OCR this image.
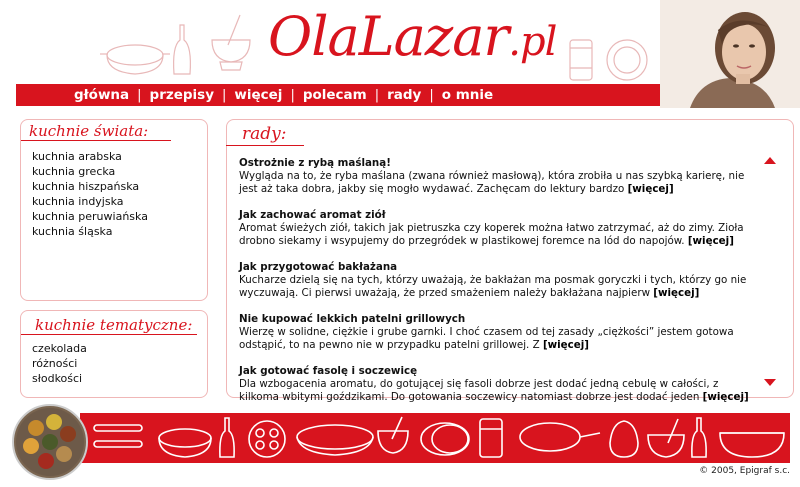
OlaLazar.pl
główna | przepisy | więcej | polecam | rady | o mnie
kuchnie świata:
kuchnia arabska
kuchnia grecka
kuchnia hiszpańska
kuchnia indyjska
kuchnia peruwiańska
kuchnia śląska
kuchnie tematyczne:
czekolada
różności
słodkości
rady:
Ostrożnie z rybą maślaną!

Wygląda na to, że ryba maślana (zwana również masłową), która zrobiła u nas szybką karierę, nie jest aż taka dobra, jakby się mogło wydawać. Zachęcam do lektury bardzo [więcej]

Jak zachować aromat ziół

Aromat świeżych ziół, takich jak pietruszka czy koperek można łatwo zatrzymać, aż do zimy. Zioła drobno siekamy i wsypujemy do przegródek w plastikowej foremce na lód do napojów. [więcej]

Jak przygotować bakłażana

Kucharze dzielą się na tych, którzy uważają, że bakłażan ma posmak goryczki i tych, którzy go nie wyczuwają. Ci pierwsi uważają, że przed smażeniem należy bakłażana najpierw [więcej]

Nie kupować lekkich patelni grillowych

Wierzę w solidne, ciężkie i grube garnki. I choć czasem od tej zasady „ciężkości” jestem gotowa odstąpić, to na pewno nie w przypadku patelni grillowej. Z [więcej]

Jak gotować fasolę i soczewicę

Dla wzbogacenia aromatu, do gotującej się fasoli dobrze jest dodać jedną cebulę w całości, z kilkoma wbitymi goździkami. Do gotowania soczewicy natomiast dobrze jest dodać jeden [więcej]

© 2005, Epigraf s.c.
